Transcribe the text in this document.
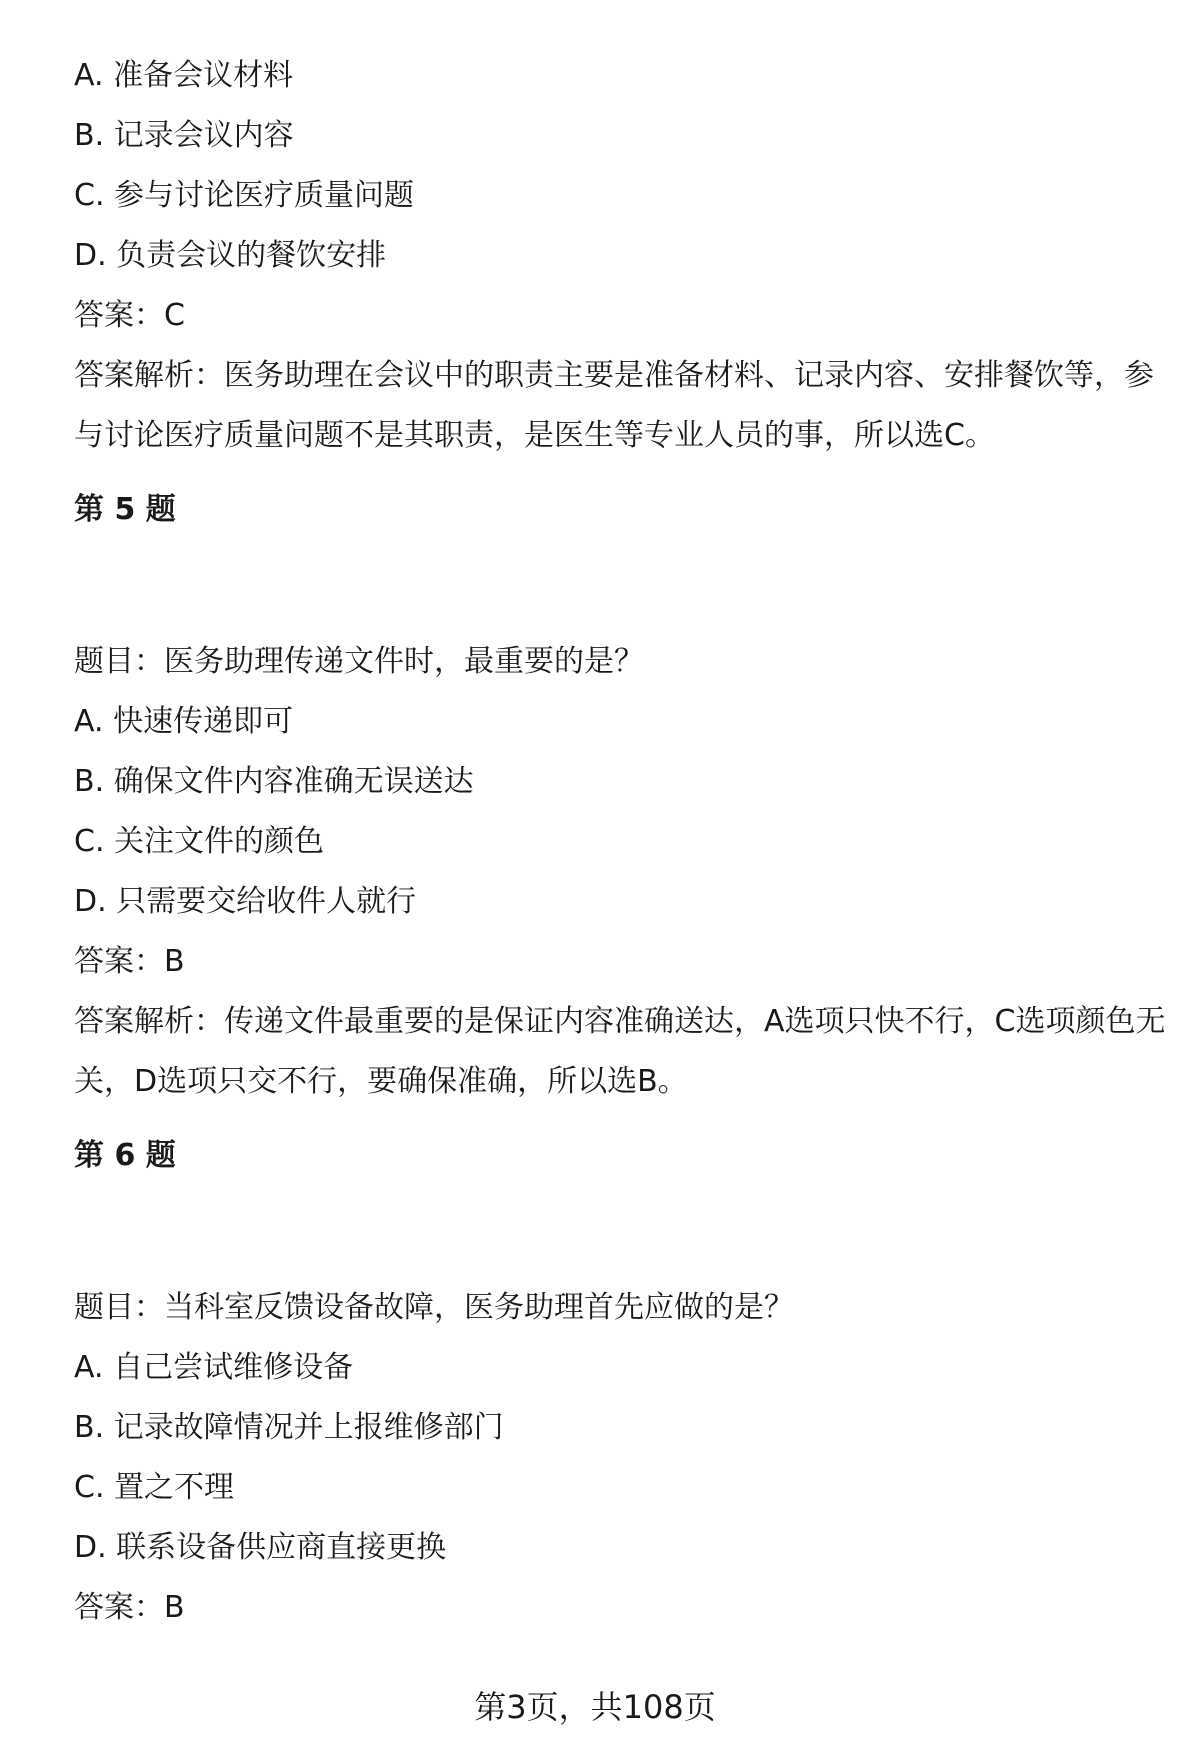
A. 准备会议材料
B. 记录会议内容
C. 参与讨论医疗质量问题
D. 负责会议的餐饮安排
答案：C
答案解析：医务助理在会议中的职责主要是准备材料、记录内容、安排餐饮等，参与讨论医疗质量问题不是其职责，是医生等专业人员的事，所以选C。
第 5 题
题目：医务助理传递文件时，最重要的是？
A. 快速传递即可
B. 确保文件内容准确无误送达
C. 关注文件的颜色
D. 只需要交给收件人就行
答案：B
答案解析：传递文件最重要的是保证内容准确送达，A选项只快不行，C选项颜色无关，D选项只交不行，要确保准确，所以选B。
第 6 题
题目：当科室反馈设备故障，医务助理首先应做的是？
A. 自己尝试维修设备
B. 记录故障情况并上报维修部门
C. 置之不理
D. 联系设备供应商直接更换
答案：B
第3页，共108页
